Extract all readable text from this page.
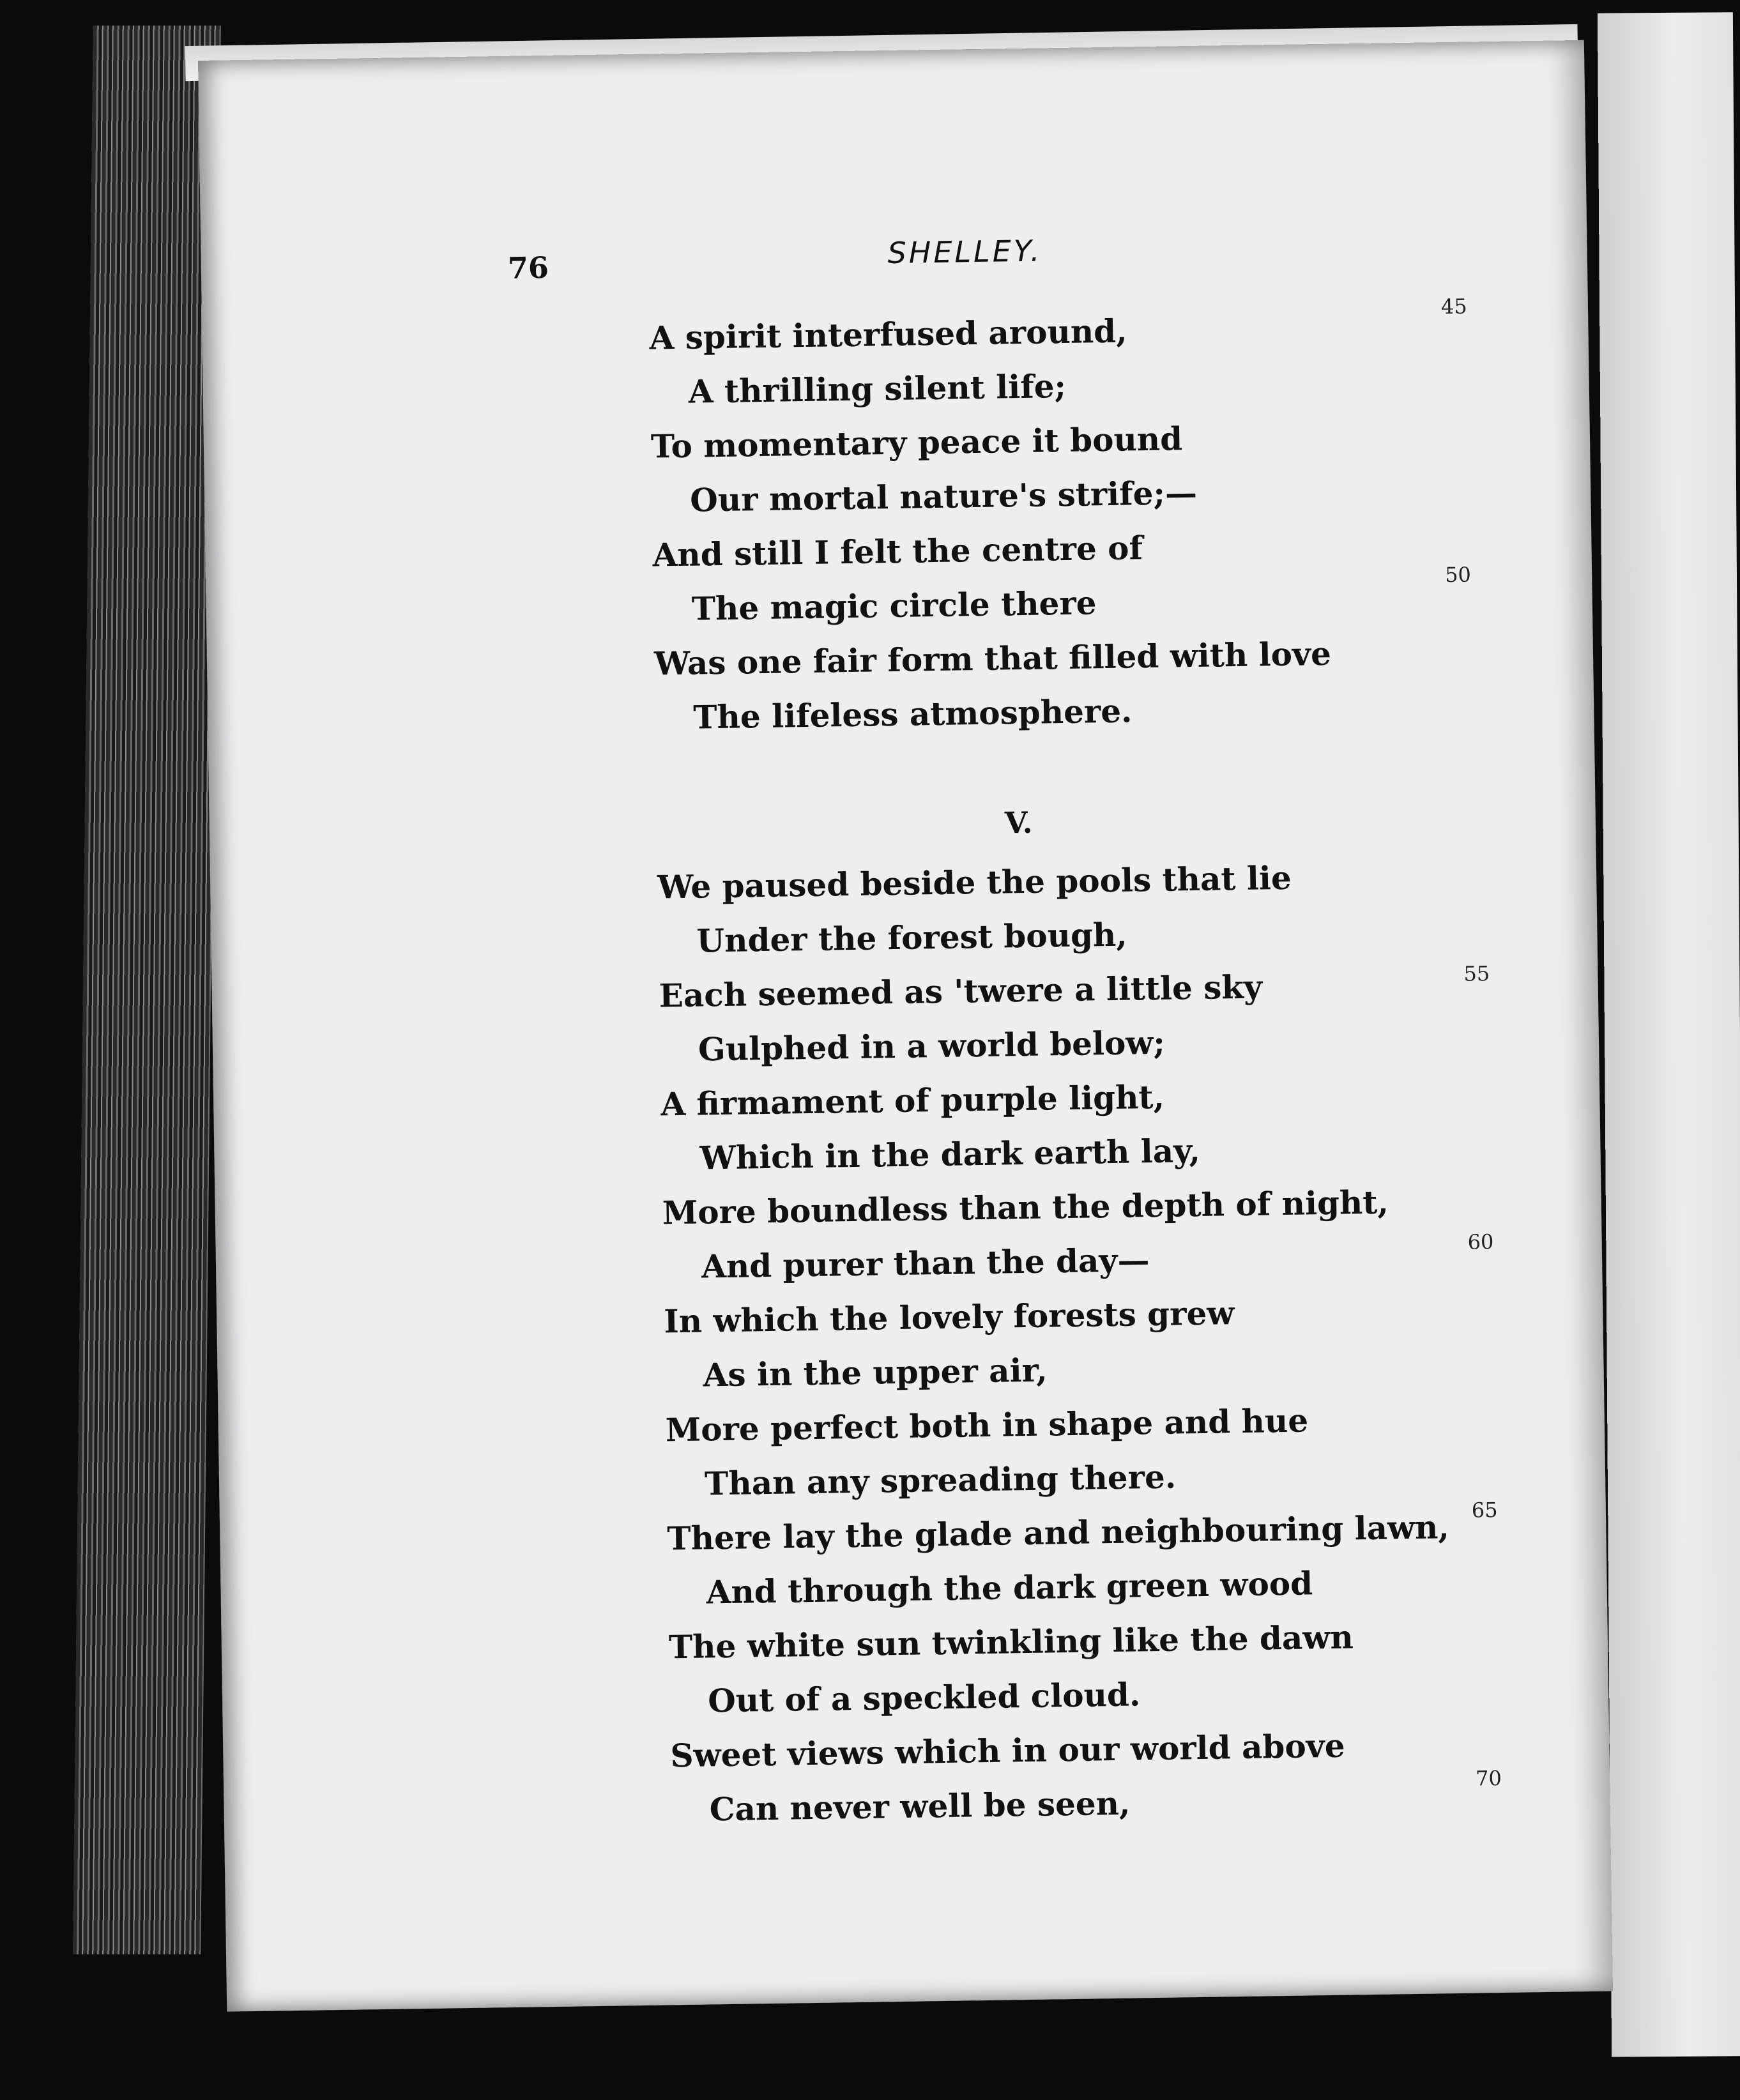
76	SHELLEY.
A spirit interfused around,
A thrilling silent life;
To momentary peace it bound
Our mortal nature's strife;—
And still I felt the centre of
The magic circle there
Was one fair form that filled with love
The lifeless atmosphere.
45
50
V.
We paused beside the pools that lie
Under the forest bough,
Each seemed as 'twere a little sky
Gulphed in a world below;
A firmament of purple light,
Which in the dark earth lay,
More boundless than the depth of night,
And purer than the day—
In which the lovely forests grew
As in the upper air,
More perfect both in shape and hue
Than any spreading there.
There lay the glade and neighbouring lawn,
And through the dark green wood
The white sun twinkling like the dawn
Out of a speckled cloud.
Sweet views which in our world above
Can never well be seen,
55
60
65
70
